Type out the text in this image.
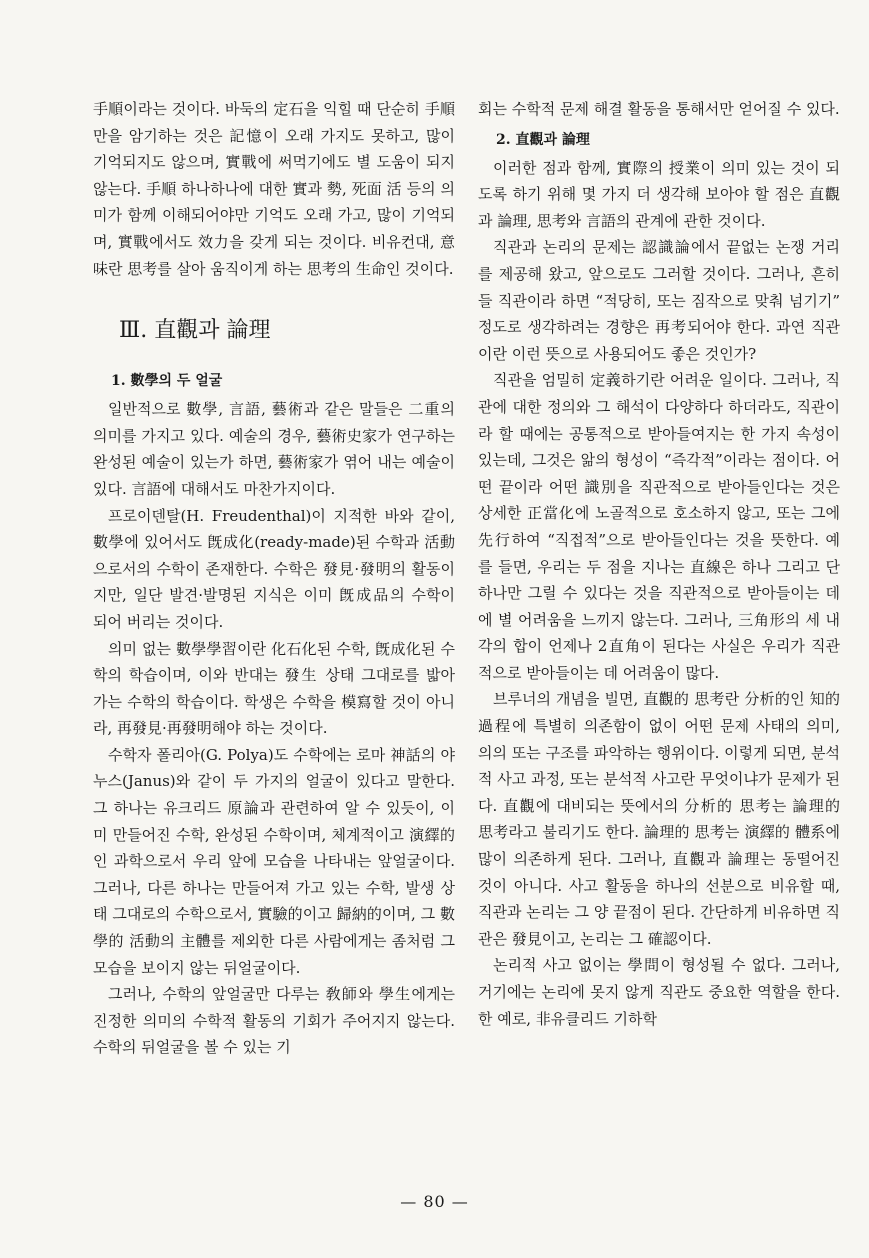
手順이라는 것이다. 바둑의 定石을 익힐 때 단순히 手順만을 암기하는 것은 記憶이 오래 가지도 못하고, 많이 기억되지도 않으며, 實戰에 써먹기에도 별 도움이 되지 않는다. 手順 하나하나에 대한 實과 勢, 死面 活 등의 의미가 함께 이해되어야만 기억도 오래 가고, 많이 기억되며, 實戰에서도 效力을 갖게 되는 것이다. 비유컨대, 意味란 思考를 살아 움직이게 하는 思考의 生命인 것이다.

Ⅲ. 直觀과 論理
1. 數學의 두 얼굴

일반적으로 數學, 言語, 藝術과 같은 말들은 二重의 의미를 가지고 있다. 예술의 경우, 藝術史家가 연구하는 완성된 예술이 있는가 하면, 藝術家가 엮어 내는 예술이 있다. 言語에 대해서도 마찬가지이다.

프로이덴탈(H. Freudenthal)이 지적한 바와 같이, 數學에 있어서도 旣成化(ready-made)된 수학과 活動으로서의 수학이 존재한다. 수학은 發見·發明의 활동이지만, 일단 발견·발명된 지식은 이미 旣成品의 수학이 되어 버리는 것이다.

의미 없는 數學學習이란 化石化된 수학, 旣成化된 수학의 학습이며, 이와 반대는 發生 상태 그대로를 밟아 가는 수학의 학습이다. 학생은 수학을 模寫할 것이 아니라, 再發見·再發明해야 하는 것이다.

수학자 폴리아(G. Polya)도 수학에는 로마 神話의 야누스(Janus)와 같이 두 가지의 얼굴이 있다고 말한다. 그 하나는 유크리드 原論과 관련하여 알 수 있듯이, 이미 만들어진 수학, 완성된 수학이며, 체계적이고 演繹的인 과학으로서 우리 앞에 모습을 나타내는 앞얼굴이다. 그러나, 다른 하나는 만들어져 가고 있는 수학, 발생 상태 그대로의 수학으로서, 實驗的이고 歸納的이며, 그 數學的 活動의 主體를 제외한 다른 사람에게는 좀처럼 그 모습을 보이지 않는 뒤얼굴이다.

그러나, 수학의 앞얼굴만 다루는 敎師와 學生에게는 진정한 의미의 수학적 활동의 기회가 주어지지 않는다. 수학의 뒤얼굴을 볼 수 있는 기

회는 수학적 문제 해결 활동을 통해서만 얻어질 수 있다.

2. 直觀과 論理

이러한 점과 함께, 實際의 授業이 의미 있는 것이 되도록 하기 위해 몇 가지 더 생각해 보아야 할 점은 直觀과 論理, 思考와 言語의 관계에 관한 것이다.

직관과 논리의 문제는 認識論에서 끝없는 논쟁 거리를 제공해 왔고, 앞으로도 그러할 것이다. 그러나, 흔히들 직관이라 하면 “적당히, 또는 짐작으로 맞춰 넘기기” 정도로 생각하려는 경향은 再考되어야 한다. 과연 직관이란 이런 뜻으로 사용되어도 좋은 것인가?

직관을 엄밀히 定義하기란 어려운 일이다. 그러나, 직관에 대한 정의와 그 해석이 다양하다 하더라도, 직관이라 할 때에는 공통적으로 받아들여지는 한 가지 속성이 있는데, 그것은 앎의 형성이 “즉각적”이라는 점이다. 어떤 끝이라 어떤 識別을 직관적으로 받아들인다는 것은 상세한 正當化에 노골적으로 호소하지 않고, 또는 그에 先行하여 “직접적”으로 받아들인다는 것을 뜻한다. 예를 들면, 우리는 두 점을 지나는 直線은 하나 그리고 단 하나만 그릴 수 있다는 것을 직관적으로 받아들이는 데에 별 어려움을 느끼지 않는다. 그러나, 三角形의 세 내각의 합이 언제나 2直角이 된다는 사실은 우리가 직관적으로 받아들이는 데 어려움이 많다.

브루너의 개념을 빌면, 直觀的 思考란 分析的인 知的 過程에 특별히 의존함이 없이 어떤 문제 사태의 의미, 의의 또는 구조를 파악하는 행위이다. 이렇게 되면, 분석적 사고 과정, 또는 분석적 사고란 무엇이냐가 문제가 된다. 直觀에 대비되는 뜻에서의 分析的 思考는 論理的 思考라고 불리기도 한다. 論理的 思考는 演繹的 體系에 많이 의존하게 된다. 그러나, 直觀과 論理는 동떨어진 것이 아니다. 사고 활동을 하나의 선분으로 비유할 때, 직관과 논리는 그 양 끝점이 된다. 간단하게 비유하면 직관은 發見이고, 논리는 그 確認이다.

논리적 사고 없이는 學問이 형성될 수 없다. 그러나, 거기에는 논리에 못지 않게 직관도 중요한 역할을 한다. 한 예로, 非유클리드 기하학

— 80 —
